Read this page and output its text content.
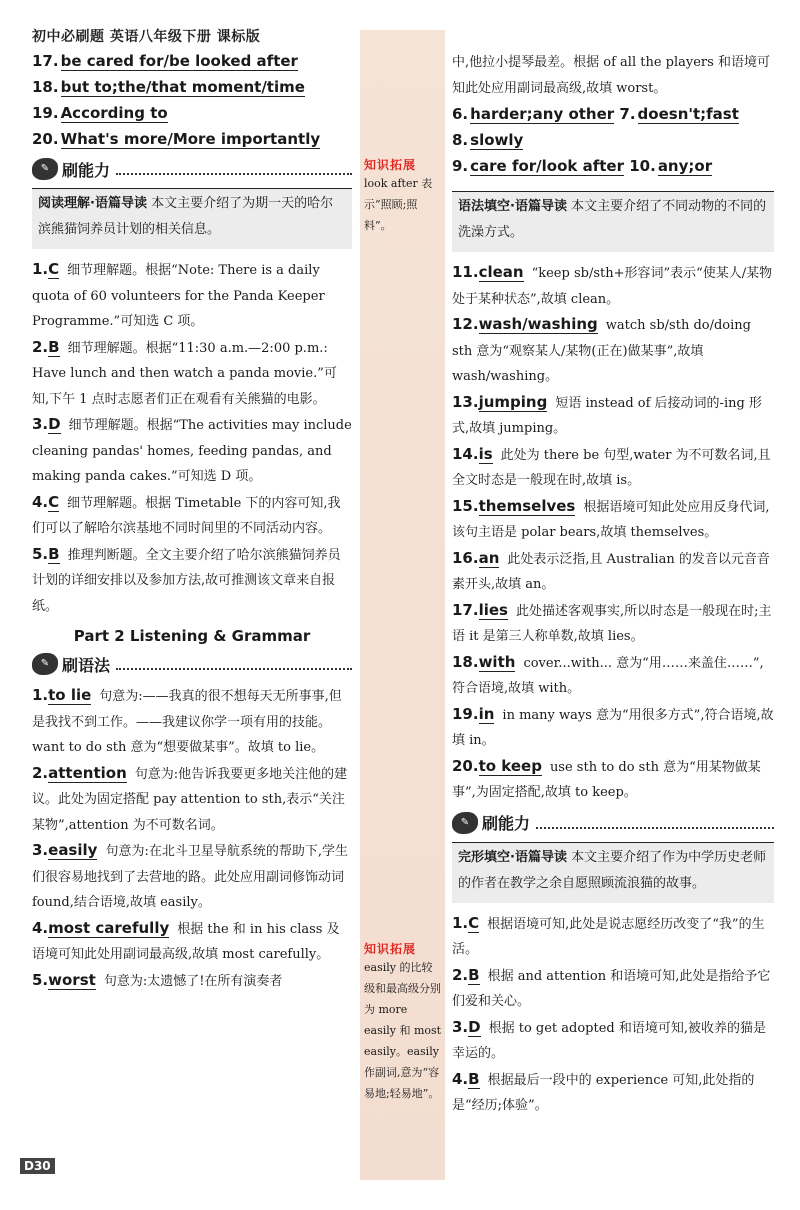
初中必刷题 英语八年级下册 课标版
知识拓展
look after 表示“照顾;照料”。
知识拓展
easily 的比较级和最高级分别为 more easily 和 most easily。easily 作副词,意为“容易地;轻易地”。
17. be cared for/be looked after
18. but to;the/that moment/time
19. According to
20. What's more/More importantly
✎ 刷能力
阅读理解·语篇导读 本文主要介绍了为期一天的哈尔滨熊猫饲养员计划的相关信息。

1.C 细节理解题。根据“Note: There is a daily quota of 60 volunteers for the Panda Keeper Programme.”可知选 C 项。

2.B 细节理解题。根据“11:30 a.m.—2:00 p.m.: Have lunch and then watch a panda movie.”可知,下午 1 点时志愿者们正在观看有关熊猫的电影。

3.D 细节理解题。根据“The activities may include cleaning pandas' homes, feeding pandas, and making panda cakes.”可知选 D 项。

4.C 细节理解题。根据 Timetable 下的内容可知,我们可以了解哈尔滨基地不同时间里的不同活动内容。

5.B 推理判断题。全文主要介绍了哈尔滨熊猫饲养员计划的详细安排以及参加方法,故可推测该文章来自报纸。

Part 2 Listening & Grammar
✎ 刷语法

1.to lie 句意为:——我真的很不想每天无所事事,但是我找不到工作。——我建议你学一项有用的技能。want to do sth 意为“想要做某事”。故填 to lie。

2.attention 句意为:他告诉我要更多地关注他的建议。此处为固定搭配 pay attention to sth,表示“关注某物”,attention 为不可数名词。

3.easily 句意为:在北斗卫星导航系统的帮助下,学生们很容易地找到了去营地的路。此处应用副词修饰动词 found,结合语境,故填 easily。

4.most carefully 根据 the 和 in his class 及语境可知此处用副词最高级,故填 most carefully。

5.worst 句意为:太遗憾了!在所有演奏者

中,他拉小提琴最差。根据 of all the players 和语境可知此处应用副词最高级,故填 worst。

6. harder;any other 7. doesn't;fast
8. slowly
9. care for/look after 10. any;or
语法填空·语篇导读 本文主要介绍了不同动物的不同的洗澡方式。

11.clean “keep sb/sth+形容词”表示“使某人/某物处于某种状态”,故填 clean。

12.wash/washing watch sb/sth do/doing sth 意为“观察某人/某物(正在)做某事”,故填 wash/washing。

13.jumping 短语 instead of 后接动词的-ing 形式,故填 jumping。

14.is 此处为 there be 句型,water 为不可数名词,且全文时态是一般现在时,故填 is。

15.themselves 根据语境可知此处应用反身代词,该句主语是 polar bears,故填 themselves。

16.an 此处表示泛指,且 Australian 的发音以元音音素开头,故填 an。

17.lies 此处描述客观事实,所以时态是一般现在时;主语 it 是第三人称单数,故填 lies。

18.with cover...with... 意为“用……来盖住……”,符合语境,故填 with。

19.in in many ways 意为“用很多方式”,符合语境,故填 in。

20.to keep use sth to do sth 意为“用某物做某事”,为固定搭配,故填 to keep。

✎ 刷能力
完形填空·语篇导读 本文主要介绍了作为中学历史老师的作者在教学之余自愿照顾流浪猫的故事。

1.C 根据语境可知,此处是说志愿经历改变了“我”的生活。

2.B 根据 and attention 和语境可知,此处是指给予它们爱和关心。

3.D 根据 to get adopted 和语境可知,被收养的猫是幸运的。

4.B 根据最后一段中的 experience 可知,此处指的是“经历;体验”。

D30
